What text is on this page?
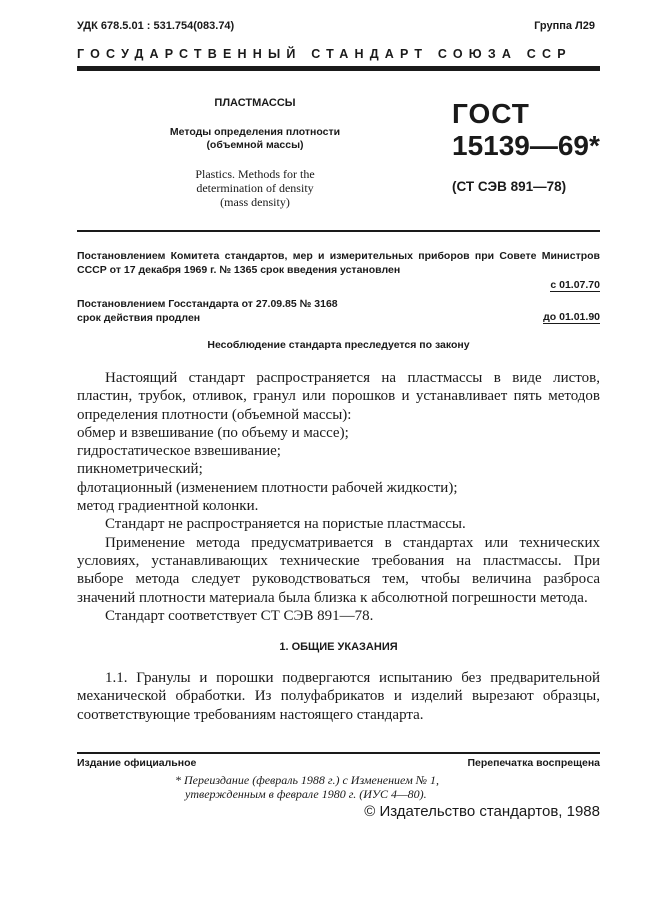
УДК 678.5.01 : 531.754(083.74)	Группа Л29
ГОСУДАРСТВЕННЫЙ СТАНДАРТ СОЮЗА ССР
ПЛАСТМАССЫ
Методы определения плотности
(объемной массы)
Plastics. Methods for the
determination of density
(mass density)
ГОСТ
15139—69*
(СТ СЭВ 891—78)
Постановлением Комитета стандартов, мер и измерительных приборов при Совете Министров СССР от 17 декабря 1969 г. № 1365 срок введения установлен
с 01.07.70
Постановлением Госстандарта от 27.09.85 № 3168
срок действия продлен	до 01.01.90
Несоблюдение стандарта преследуется по закону

Настоящий стандарт распространяется на пластмассы в виде листов, пластин, трубок, отливок, гранул или порошков и устанавливает пять методов определения плотности (объемной массы):

обмер и взвешивание (по объему и массе);

гидростатическое взвешивание;

пикнометрический;

флотационный (изменением плотности рабочей жидкости);

метод градиентной колонки.

Стандарт не распространяется на пористые пластмассы.

Применение метода предусматривается в стандартах или технических условиях, устанавливающих технические требования на пластмассы. При выборе метода следует руководствоваться тем, чтобы величина разброса значений плотности материала была близка к абсолютной погрешности метода.

Стандарт соответствует СТ СЭВ 891—78.

1. ОБЩИЕ УКАЗАНИЯ

1.1. Гранулы и порошки подвергаются испытанию без предварительной механической обработки. Из полуфабрикатов и изделий вырезают образцы, соответствующие требованиям настоящего стандарта.

Издание официальное	Перепечатка воспрещена
* Переиздание (февраль 1988 г.) с Изменением № 1,
утвержденным в феврале 1980 г. (ИУС 4—80).
© Издательство стандартов, 1988
